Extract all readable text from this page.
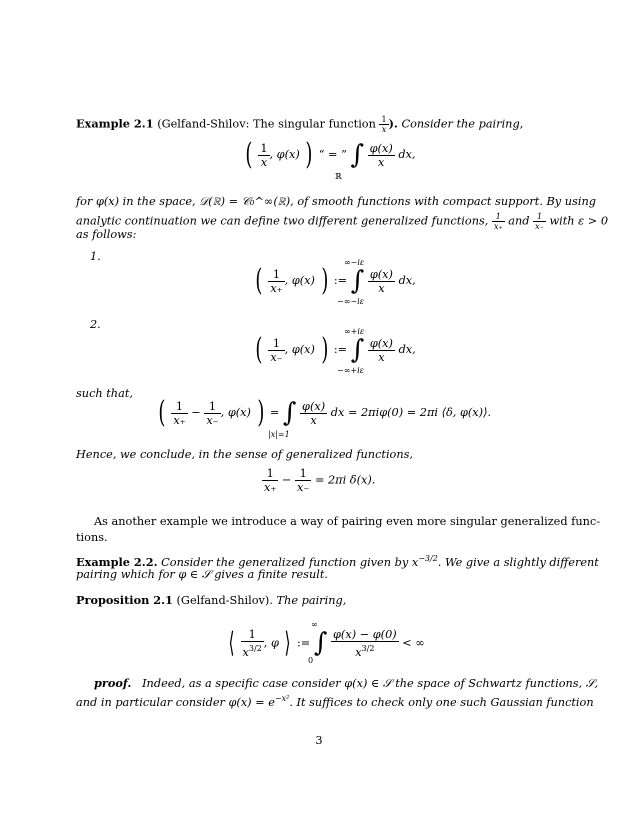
Example 2.1 (Gelfand-Shilov: The singular function $\frac{1}{x}$ ). Consider the pairing,
( $\frac{1}{x}$ , φ(x) ) “ = ” ∫ $\frac{\varphi(x)}{x}$ dx,
ℝ
for φ(x) in the space, 𝒟(ℝ) = 𝒞₀^∞(ℝ), of smooth functions with compact support. By using
analytic continuation we can define two different generalized functions, $\frac{1}{x_+}$ and $\frac{1}{x_-}$ with ε > 0
as follows:
1.	∞−iε
( $\frac{1}{x_+}$ , φ(x) ) := ∫ $\frac{\varphi(x)}{x}$ dx,
−∞−iε
2.
∞+iε
( $\frac{1}{x_-}$ , φ(x) ) := ∫ $\frac{\varphi(x)}{x}$ dx,
−∞+iε
such that,
( $\frac{1}{x_+} - \frac{1}{x_-}$ , φ(x) ) = ∫ $\frac{\varphi(x)}{x}$ dx = 2πiφ(0) = 2πi ⟨δ, φ(x)⟩.
|x|=1
Hence, we conclude, in the sense of generalized functions,
$\frac{1}{x_+} - \frac{1}{x_-} = 2\pi i$ δ(x).
As another example we introduce a way of pairing even more singular generalized func-
tions.
Example 2.2. Consider the generalized function given by $x^{-3/2}$. We give a slightly different
pairing which for φ ∈ 𝒮 gives a finite result.
Proposition 2.1 (Gelfand-Shilov). The pairing,
∞
⟨ $\frac{1}{x^{3/2}}$ , φ ⟩ := ∫ $\frac{\varphi(x) - \varphi(0)}{x^{3/2}}$ < ∞
0
proof. Indeed, as a specific case consider φ(x) ∈ 𝒮 the space of Schwartz functions, 𝒮,
and in particular consider $\varphi(x) = e^{-x^2}$. It suffices to check only one such Gaussian function
3
